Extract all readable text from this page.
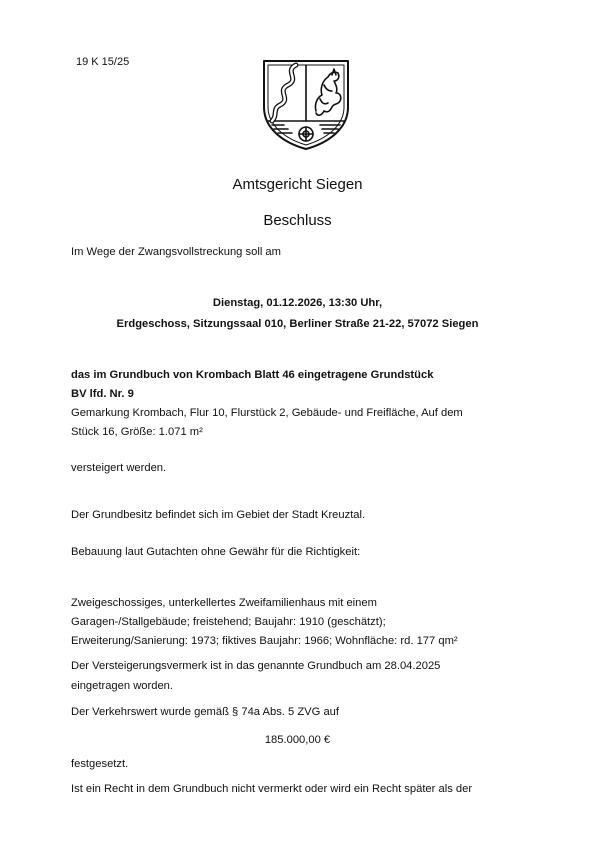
19 K 15/25
Amtsgericht Siegen
Beschluss
Im Wege der Zwangsvollstreckung soll am
Dienstag, 01.12.2026, 13:30 Uhr,
Erdgeschoss, Sitzungssaal 010, Berliner Straße 21-22, 57072 Siegen
das im Grundbuch von Krombach Blatt 46 eingetragene Grundstück
BV lfd. Nr. 9
Gemarkung Krombach, Flur 10, Flurstück 2, Gebäude- und Freifläche, Auf dem
Stück 16, Größe: 1.071 m²
versteigert werden.
Der Grundbesitz befindet sich im Gebiet der Stadt Kreuztal.
Bebauung laut Gutachten ohne Gewähr für die Richtigkeit:
Zweigeschossiges, unterkellertes Zweifamilienhaus mit einem
Garagen-/Stallgebäude; freistehend; Baujahr: 1910 (geschätzt);
Erweiterung/Sanierung: 1973; fiktives Baujahr: 1966; Wohnfläche: rd. 177 qm²
Der Versteigerungsvermerk ist in das genannte Grundbuch am 28.04.2025
eingetragen worden.
Der Verkehrswert wurde gemäß § 74a Abs. 5 ZVG auf
185.000,00 €
festgesetzt.
Ist ein Recht in dem Grundbuch nicht vermerkt oder wird ein Recht später als der
